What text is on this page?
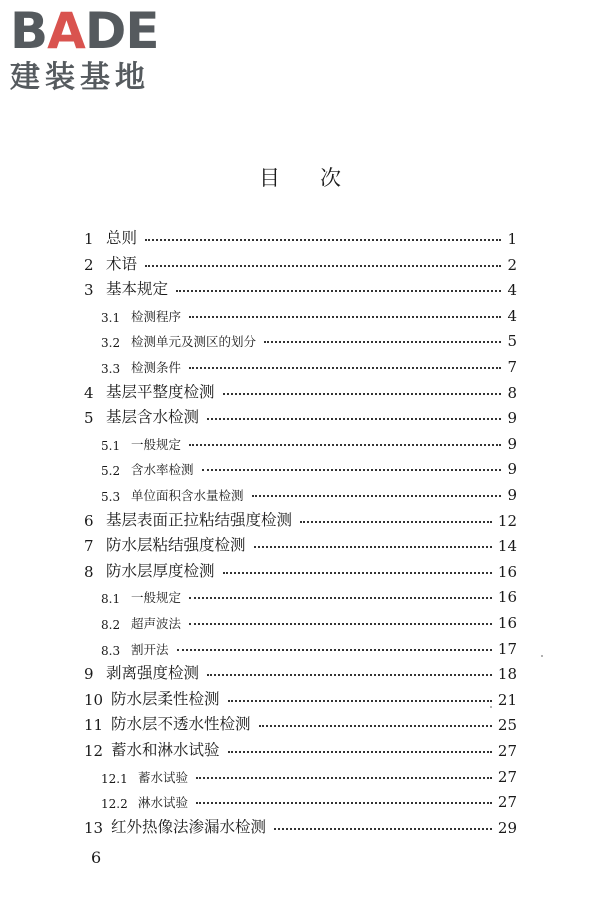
BADE
建装基地
目次
1 总则	1
2 术语	2
3 基本规定	4
3.1 检测程序	4
3.2 检测单元及测区的划分	5
3.3 检测条件	7
4 基层平整度检测	8
5 基层含水检测	9
5.1 一般规定	9
5.2 含水率检测	9
5.3 单位面积含水量检测	9
6 基层表面正拉粘结强度检测	12
7 防水层粘结强度检测	14
8 防水层厚度检测	16
8.1 一般规定	16
8.2 超声波法	16
8.3 割开法	17
9 剥离强度检测	18
10 防水层柔性检测	21
11 防水层不透水性检测	25
12 蓄水和淋水试验	27
12.1 蓄水试验	27
12.2 淋水试验	27
13 红外热像法渗漏水检测	29
6
